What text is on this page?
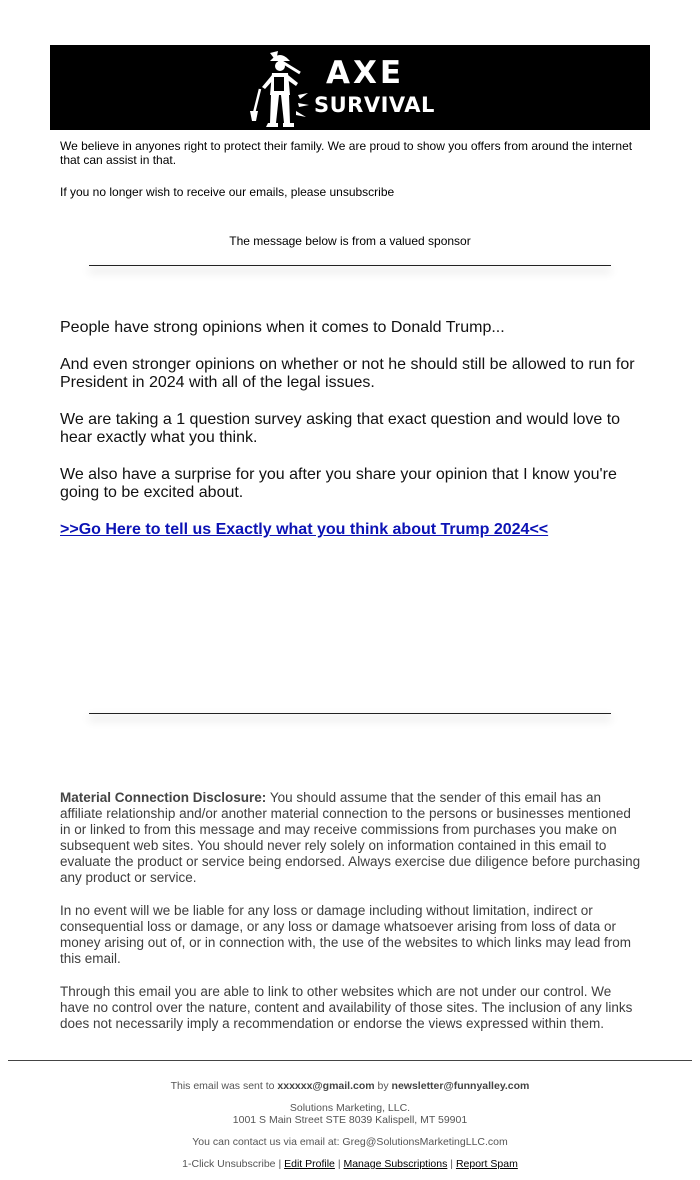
AXE
SURVIVAL

We believe in anyones right to protect their family. We are proud to show you offers from around the internet that can assist in that.

If you no longer wish to receive our emails, please unsubscribe

The message below is from a valued sponsor

People have strong opinions when it comes to Donald Trump...

And even stronger opinions on whether or not he should still be allowed to run for President in 2024 with all of the legal issues.

We are taking a 1 question survey asking that exact question and would love to hear exactly what you think.

We also have a surprise for you after you share your opinion that I know you're going to be excited about.

>>Go Here to tell us Exactly what you think about Trump 2024<<

Material Connection Disclosure: You should assume that the sender of this email has an affiliate relationship and/or another material connection to the persons or businesses mentioned in or linked to from this message and may receive commissions from purchases you make on subsequent web sites. You should never rely solely on information contained in this email to evaluate the product or service being endorsed. Always exercise due diligence before purchasing any product or service.

In no event will we be liable for any loss or damage including without limitation, indirect or consequential loss or damage, or any loss or damage whatsoever arising from loss of data or money arising out of, or in connection with, the use of the websites to which links may lead from this email.

Through this email you are able to link to other websites which are not under our control. We have no control over the nature, content and availability of those sites. The inclusion of any links does not necessarily imply a recommendation or endorse the views expressed within them.

This email was sent to xxxxxx@gmail.com by newsletter@funnyalley.com

Solutions Marketing, LLC.
1001 S Main Street STE 8039 Kalispell, MT 59901

You can contact us via email at: Greg@SolutionsMarketingLLC.com

1-Click Unsubscribe | Edit Profile | Manage Subscriptions | Report Spam
